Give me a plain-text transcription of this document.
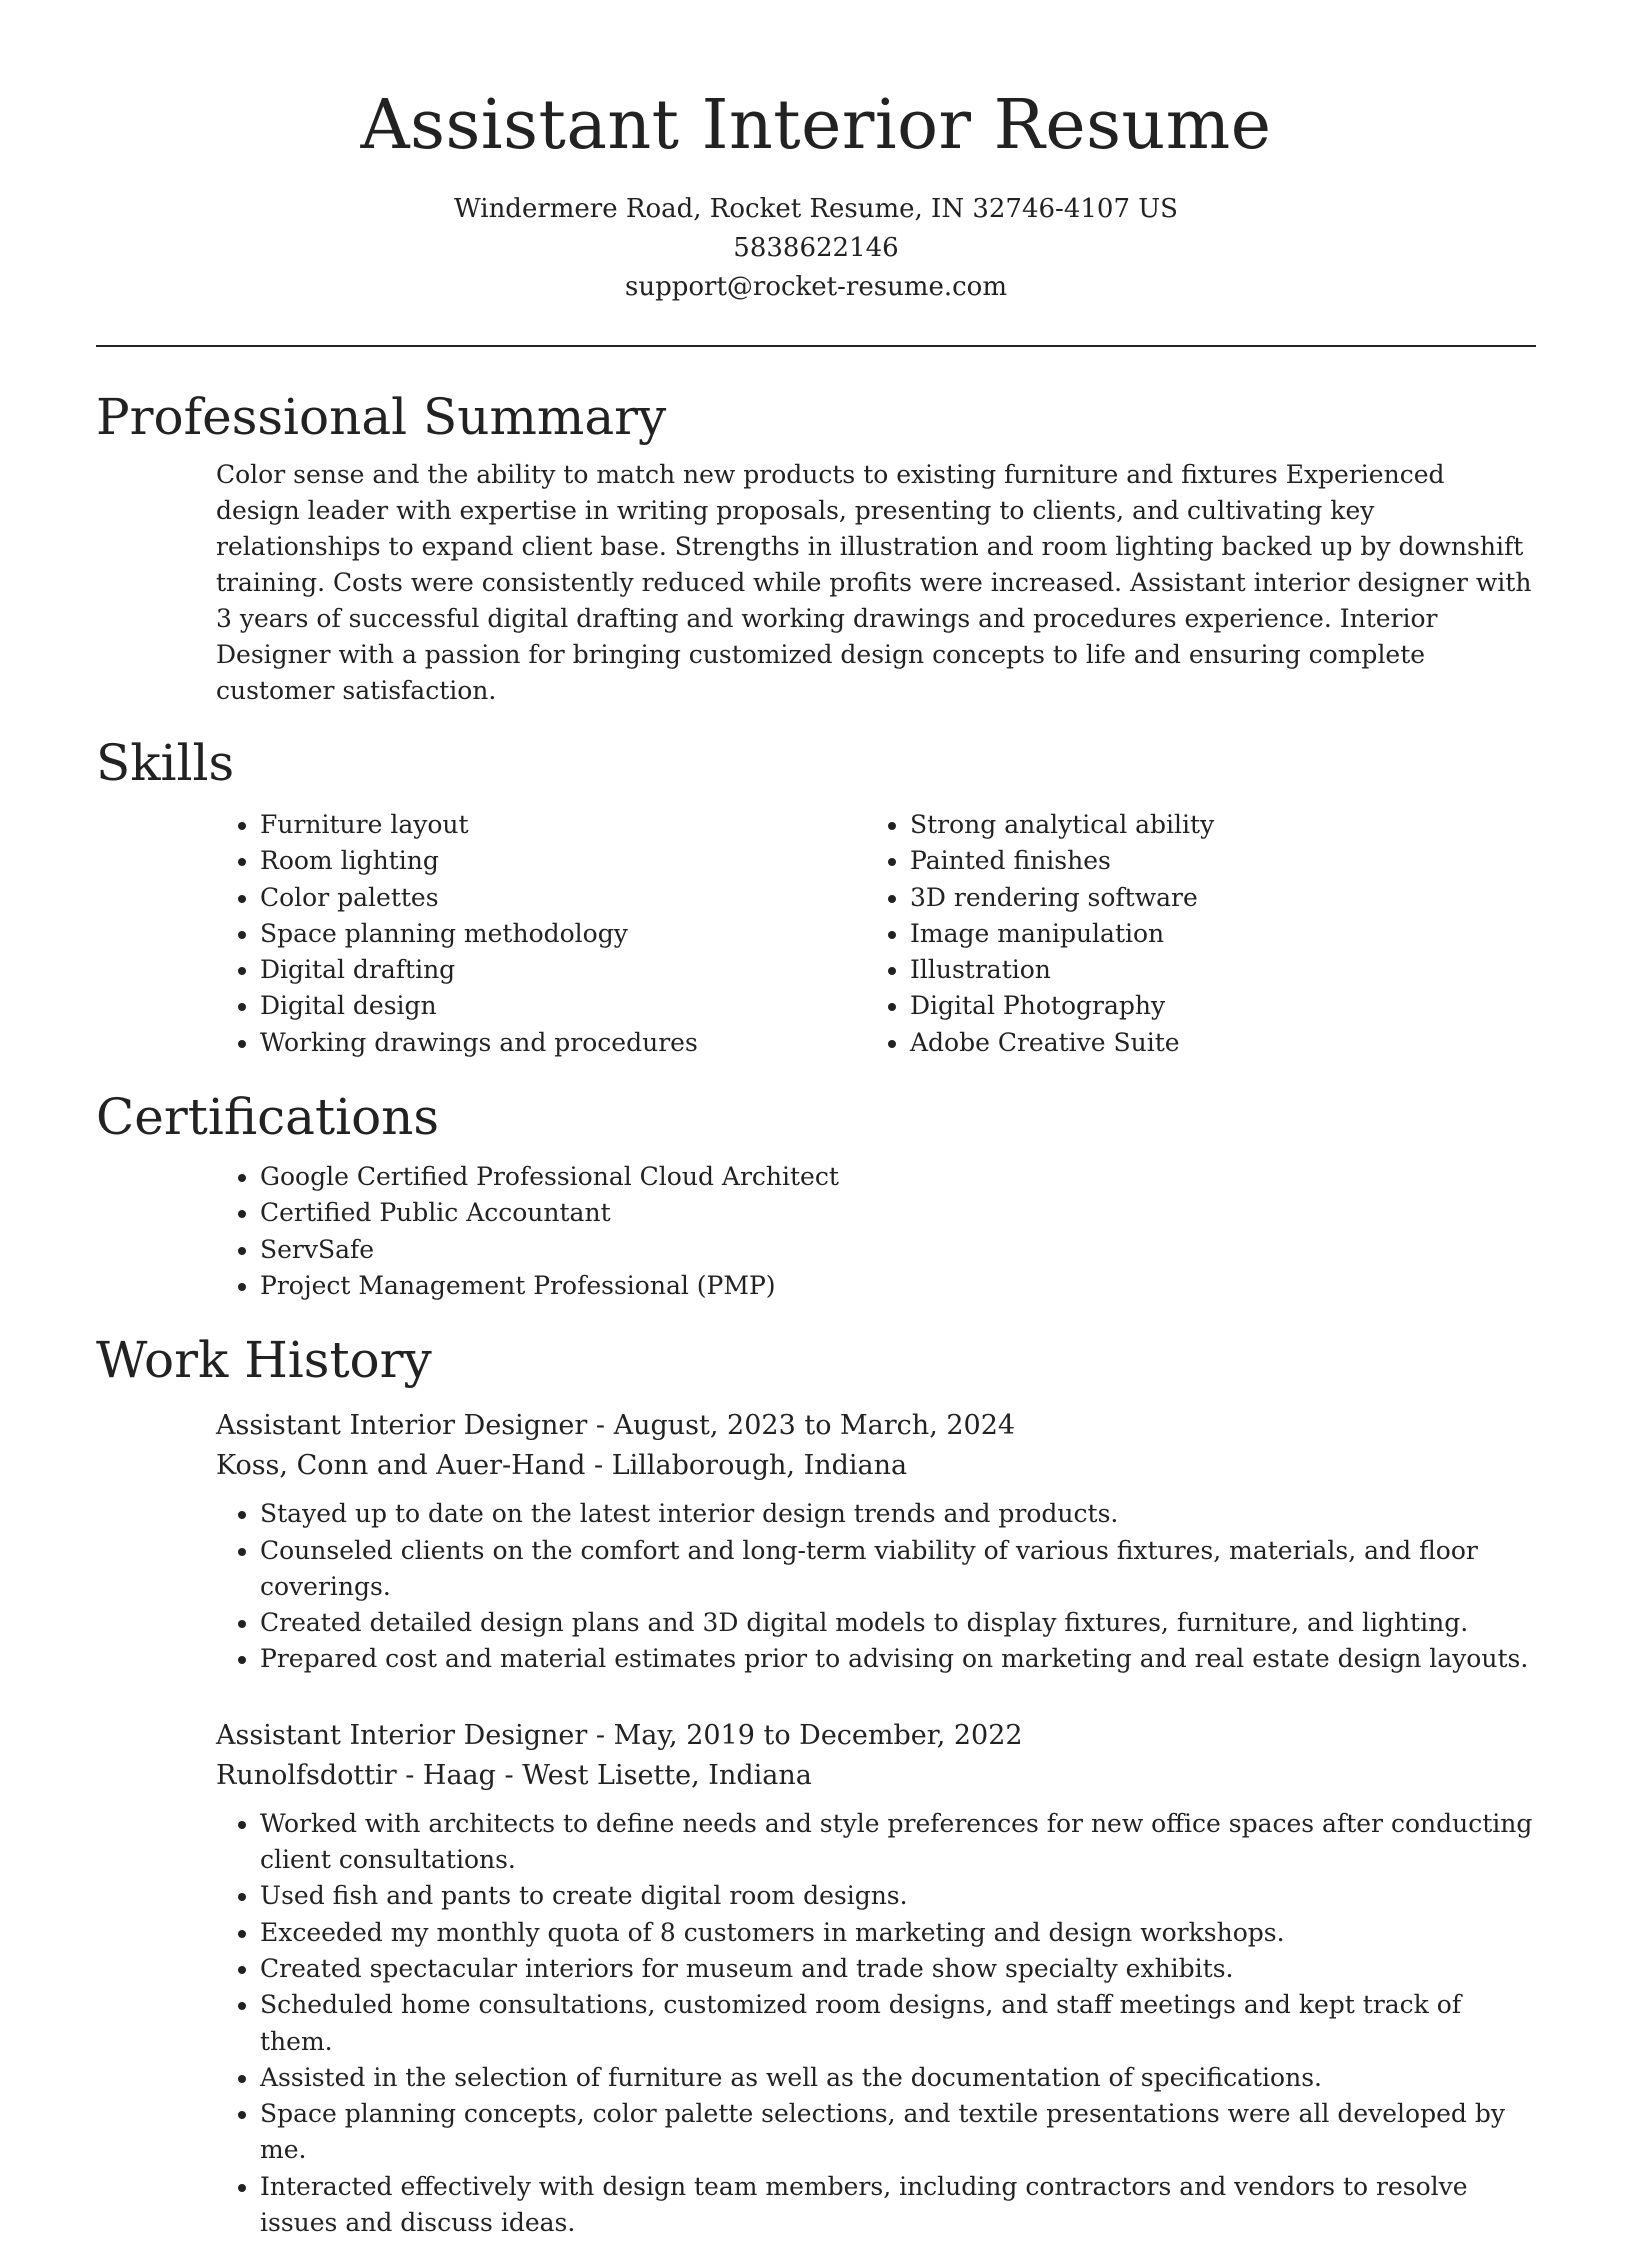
Assistant Interior Resume
Windermere Road, Rocket Resume, IN 32746-4107 US
5838622146
support@rocket-resume.com
Professional Summary

Color sense and the ability to match new products to existing furniture and fixtures Experienced design leader with expertise in writing proposals, presenting to clients, and cultivating key relationships to expand client base. Strengths in illustration and room lighting backed up by downshift training. Costs were consistently reduced while profits were increased. Assistant interior designer with 3 years of successful digital drafting and working drawings and procedures experience. Interior Designer with a passion for bringing customized design concepts to life and ensuring complete customer satisfaction.

Skills
• Furniture layout
• Room lighting
• Color palettes
• Space planning methodology
• Digital drafting
• Digital design
• Working drawings and procedures
• Strong analytical ability
• Painted finishes
• 3D rendering software
• Image manipulation
• Illustration
• Digital Photography
• Adobe Creative Suite
Certifications
• Google Certified Professional Cloud Architect
• Certified Public Accountant
• ServSafe
• Project Management Professional (PMP)
Work History
Assistant Interior Designer - August, 2023 to March, 2024
Koss, Conn and Auer-Hand - Lillaborough, Indiana
• Stayed up to date on the latest interior design trends and products.
• Counseled clients on the comfort and long-term viability of various fixtures, materials, and floor coverings.
• Created detailed design plans and 3D digital models to display fixtures, furniture, and lighting.
• Prepared cost and material estimates prior to advising on marketing and real estate design layouts.
Assistant Interior Designer - May, 2019 to December, 2022
Runolfsdottir - Haag - West Lisette, Indiana
• Worked with architects to define needs and style preferences for new office spaces after conducting client consultations.
• Used fish and pants to create digital room designs.
• Exceeded my monthly quota of 8 customers in marketing and design workshops.
• Created spectacular interiors for museum and trade show specialty exhibits.
• Scheduled home consultations, customized room designs, and staff meetings and kept track of them.
• Assisted in the selection of furniture as well as the documentation of specifications.
• Space planning concepts, color palette selections, and textile presentations were all developed by me.
• Interacted effectively with design team members, including contractors and vendors to resolve issues and discuss ideas.
